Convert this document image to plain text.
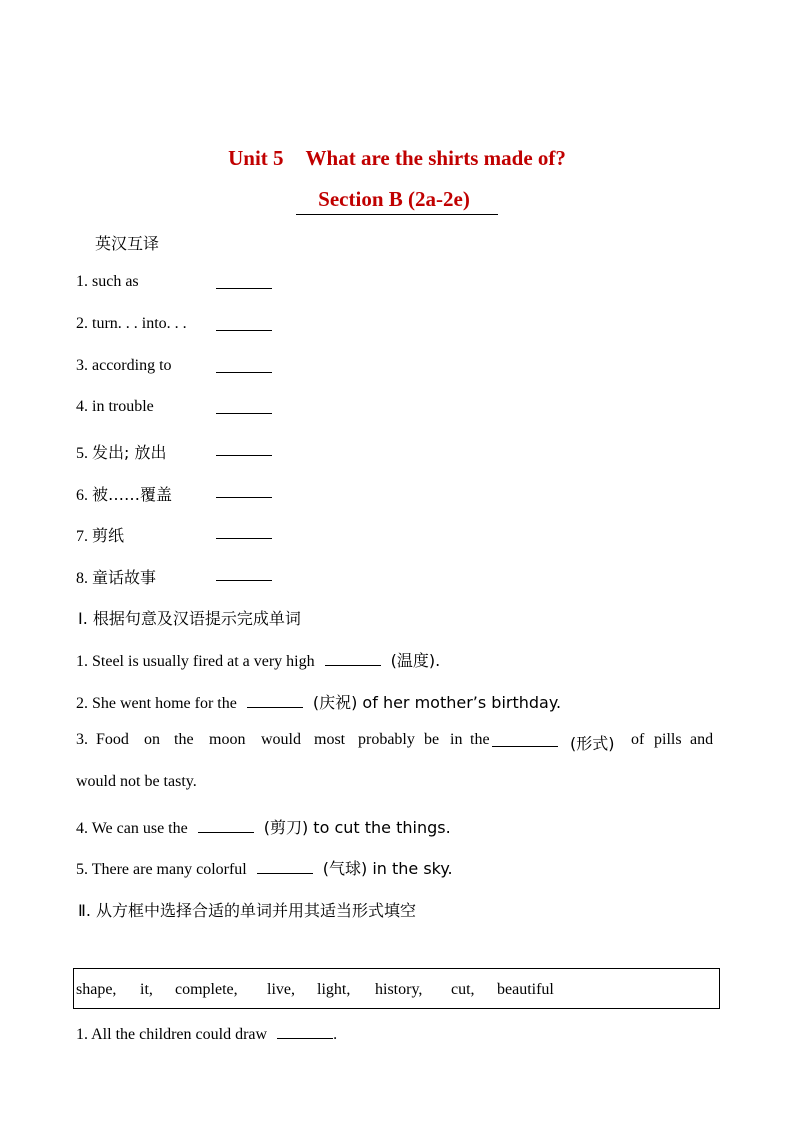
Unit 5 What are the shirts made of?
Section B (2a-2e)
英汉互译
1. such as
2. turn. . . into. . .
3. according to
4. in trouble
5. 发出; 放出
6. 被……覆盖
7. 剪纸
8. 童话故事
Ⅰ. 根据句意及汉语提示完成单词
1. Steel is usually fired at a very high	(温度).
2. She went home for the	(庆祝) of her mother’s birthday.
3. Food on the moon would most probably be in the	(形式) of pills and
would not be tasty.
4. We can use the	(剪刀) to cut the things.
5. There are many colorful	(气球) in the sky.
Ⅱ. 从方框中选择合适的单词并用其适当形式填空
shape, it, complete, live, light, history, cut, beautiful
1. All the children could draw	.
